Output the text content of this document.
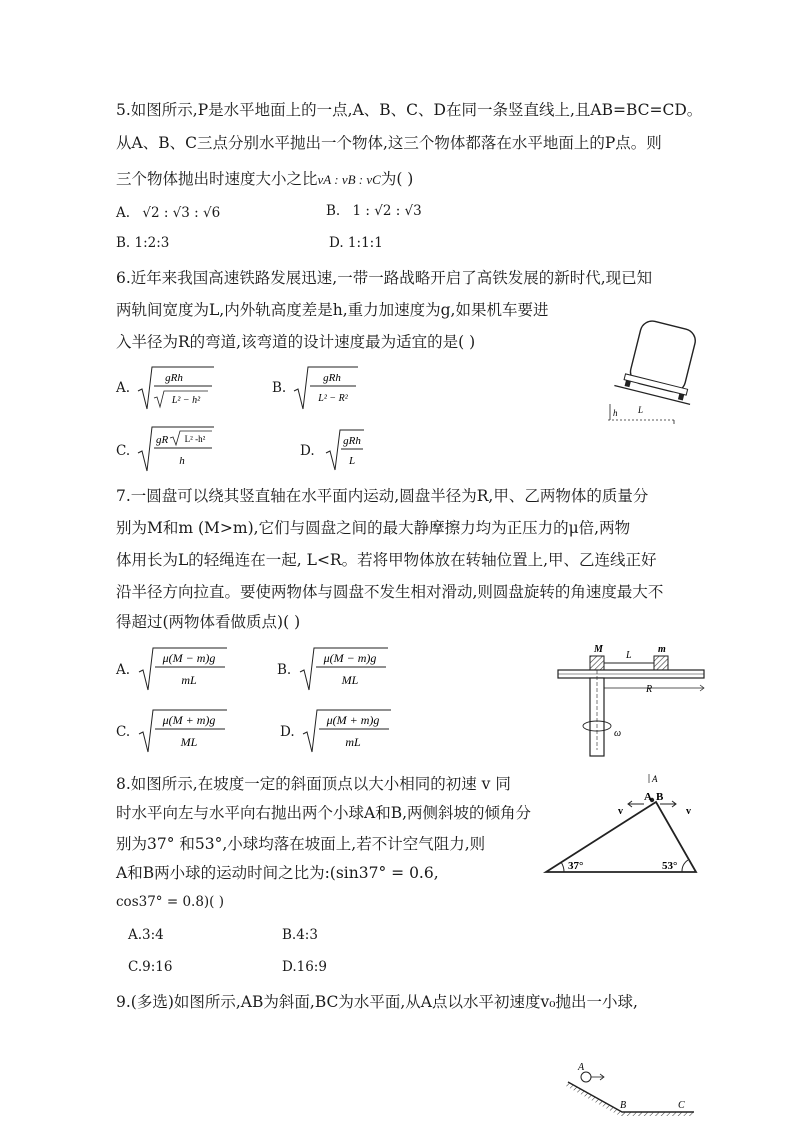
5.如图所示,P是水平地面上的一点,A、B、C、D在同一条竖直线上,且AB=BC=CD。
从A、B、C三点分别水平抛出一个物体,这三个物体都落在水平地面上的P点。则
三个物体抛出时速度大小之比vA : vB : vC为( )
A. √2 : √3 : √6	B. 1 : √2 : √3
B. 1:2:3	D. 1:1:1
6.近年来我国高速铁路发展迅速,一带一路战略开启了高铁发展的新时代,现已知
两轨间宽度为L,内外轨高度差是h,重力加速度为g,如果机车要进
入半径为R的弯道,该弯道的设计速度最为适宜的是( )
A.
gRh
L² − h²
B.
gRh
L² − R²
C.
gR L² -h²
h
D.
gRh
L
h L
7.一圆盘可以绕其竖直轴在水平面内运动,圆盘半径为R,甲、乙两物体的质量分
别为M和m (M>m),它们与圆盘之间的最大静摩擦力均为正压力的μ倍,两物
体用长为L的轻绳连在一起, L<R。若将甲物体放在转轴位置上,甲、乙连线正好
沿半径方向拉直。要使两物体与圆盘不发生相对滑动,则圆盘旋转的角速度最大不
得超过(两物体看做质点)( )
A.
μ(M − m)g
mL
B.
μ(M − m)g
ML
C.
μ(M + m)g
ML
D.
μ(M + m)g
mL
M	m
L
R
ω
8.如图所示,在坡度一定的斜面顶点以大小相同的初速 v 同
时水平向左与水平向右抛出两个小球A和B,两侧斜坡的倾角分
别为37° 和53°,小球均落在坡面上,若不计空气阻力,则
A和B两小球的运动时间之比为:(sin37° = 0.6,
cos37° = 0.8)( )
A.3:4	B.4:3
C.9:16	D.16:9
A
A B
v	v
37°	53°
9.(多选)如图所示,AB为斜面,BC为水平面,从A点以水平初速度v₀抛出一小球,
A
B	C
